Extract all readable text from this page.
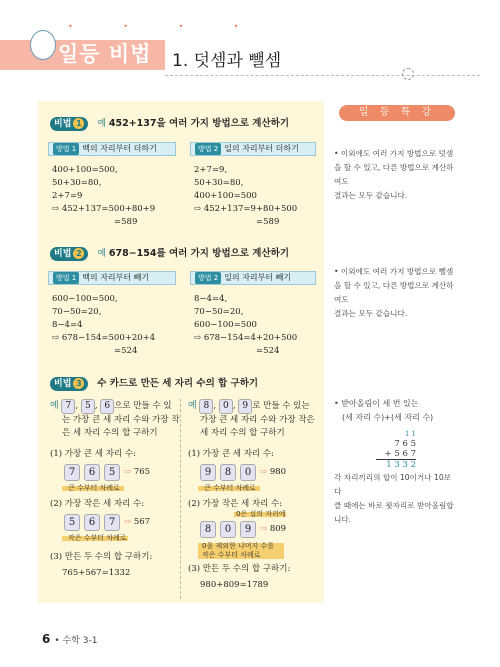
• • • •
일등 비법 1. 덧셈과 뺄셈
비법 1 예 452+137을 여러 가지 방법으로 계산하기
방법 1 백의 자리부터 더하기	방법 2 일의 자리부터 더하기
400+100=500,
50+30=80,
2+7=9
⇨ 452+137=500+80+9
=589
2+7=9,
50+30=80,
400+100=500
⇨ 452+137=9+80+500
=589
비법 2 예 678−154를 여러 가지 방법으로 계산하기
방법 1 백의 자리부터 빼기	방법 2 일의 자리부터 빼기
600−100=500,
70−50=20,
8−4=4
⇨ 678−154=500+20+4
=524
8−4=4,
70−50=20,
600−100=500
⇨ 678−154=4+20+500
=524
비법 3 수 카드로 만든 세 자리 수의 합 구하기
예 7 , 5 , 6 으로 만들 수 있
는 가장 큰 세 자리 수와 가장 작
은 세 자리 수의 합 구하기
(1) 가장 큰 세 자리 수:
7	6	5	⇨ 765
큰 수부터 차례로
(2) 가장 작은 세 자리 수:
5	6	7	⇨ 567
작은 수부터 차례로
(3) 만든 두 수의 합 구하기:
765+567=1332
예 8 , 0 , 9 로 만들 수 있는
가장 큰 세 자리 수와 가장 작은
세 자리 수의 합 구하기
(1) 가장 큰 세 자리 수:
9	8	0	⇨ 980
큰 수부터 차례로
(2) 가장 작은 세 자리 수:
0은 십의 자리에
8	0	9	⇨ 809
0을 제외한 나머지 수를
작은 수부터 차례로
(3) 만든 두 수의 합 구하기:
980+809=1789
일 등 특 강
• 이외에도 여러 가지 방법으로 덧셈
을 할 수 있고, 다른 방법으로 계산하여도
결과는 모두 같습니다.
• 이외에도 여러 가지 방법으로 뺄셈
을 할 수 있고, 다른 방법으로 계산하여도
결과는 모두 같습니다.
• 받아올림이 세 번 있는
(세 자리 수)+(세 자리 수)
1 1
7 6 5
+ 5 6 7
1 3 3 2
각 자리끼리의 합이 10이거나 10보다
클 때에는 바로 윗자리로 받아올림합
니다.
6 • 수학 3-1
